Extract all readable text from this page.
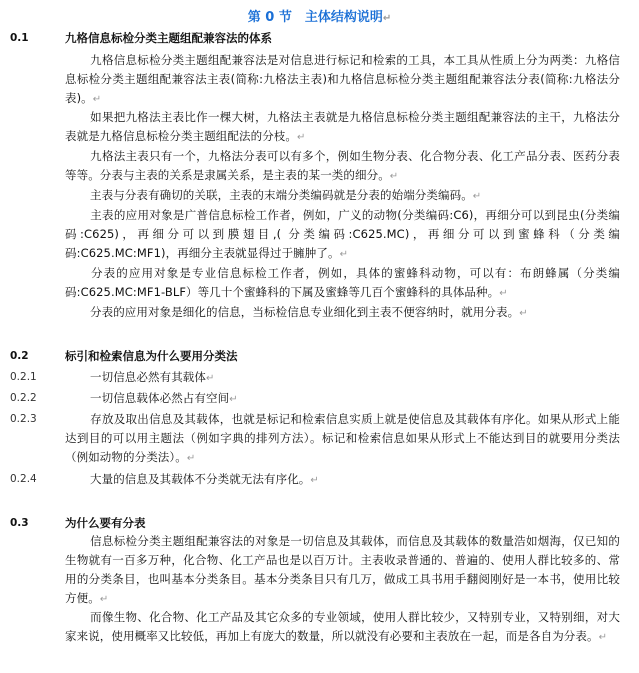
第 0 节　主体结构说明↵
0.1	九格信息标检分类主题组配兼容法的体系
九格信息标检分类主题组配兼容法是对信息进行标记和检索的工具，本工具从性质上分为两类：九格信息标检分类主题组配兼容法主表(简称:九格法主表)和九格信息标检分类主题组配兼容法分表(简称:九格法分表)。↵
如果把九格法主表比作一棵大树，九格法主表就是九格信息标检分类主题组配兼容法的主干，九格法分表就是九格信息标检分类主题组配法的分枝。↵
九格法主表只有一个，九格法分表可以有多个，例如生物分表、化合物分表、化工产品分表、医药分表等等。分表与主表的关系是隶属关系，是主表的某一类的细分。↵
主表与分表有确切的关联，主表的末端分类编码就是分表的始端分类编码。↵
主表的应用对象是广普信息标检工作者，例如，广义的动物(分类编码:C6)，再细分可以到昆虫(分类编码:C625)，再细分可以到膜翅目,( 分类编码:C625.MC)，再细分可以到蜜蜂科（分类编码:C625.MC:MF1)，再细分主表就显得过于臃肿了。↵
分表的应用对象是专业信息标检工作者，例如，具体的蜜蜂科动物，可以有：布朗蜂属（分类编码:C625.MC:MF1-BLF）等几十个蜜蜂科的下属及蜜蜂等几百个蜜蜂科的具体品种。↵
分表的应用对象是细化的信息，当标检信息专业细化到主表不便容纳时，就用分表。↵
0.2	标引和检索信息为什么要用分类法
0.2.1	一切信息必然有其载体↵
0.2.2	一切信息载体必然占有空间↵
0.2.3	存放及取出信息及其载体，也就是标记和检索信息实质上就是使信息及其载体有序化。如果从形式上能达到目的可以用主题法（例如字典的排列方法）。标记和检索信息如果从形式上不能达到目的就要用分类法（例如动物的分类法）。↵
0.2.4	大量的信息及其载体不分类就无法有序化。↵
0.3	为什么要有分表
信息标检分类主题组配兼容法的对象是一切信息及其载体，而信息及其载体的数量浩如烟海，仅已知的生物就有一百多万种，化合物、化工产品也是以百万计。主表收录普通的、普遍的、使用人群比较多的、常用的分类条目，也叫基本分类条目。基本分类条目只有几万，做成工具书用手翻阅刚好是一本书，使用比较方便。↵
而像生物、化合物、化工产品及其它众多的专业领域，使用人群比较少，又特别专业，又特别细，对大家来说，使用概率又比较低，再加上有庞大的数量，所以就没有必要和主表放在一起，而是各自为分表。↵
